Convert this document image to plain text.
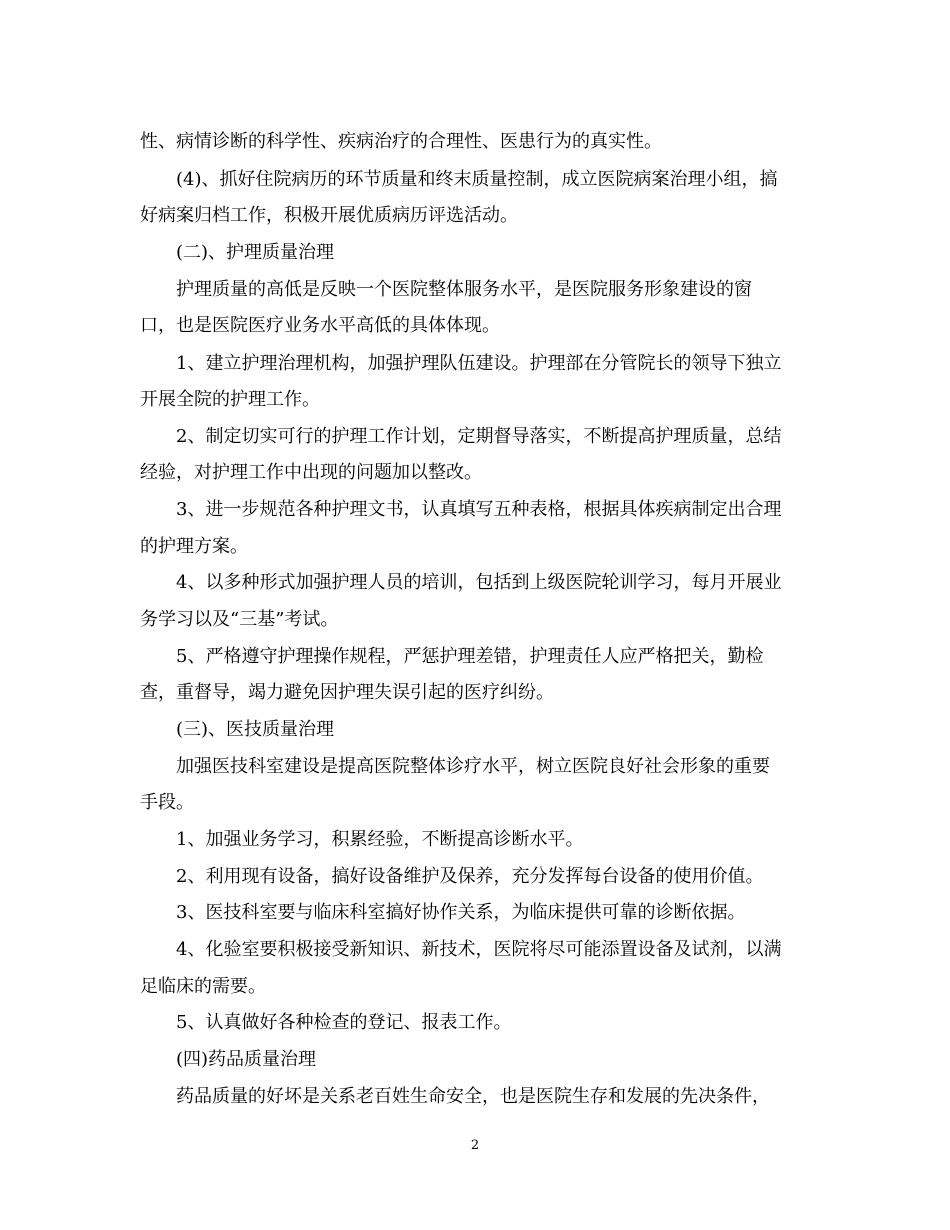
性、病情诊断的科学性、疾病治疗的合理性、医患行为的真实性。
(4)、抓好住院病历的环节质量和终末质量控制，成立医院病案治理小组，搞
好病案归档工作，积极开展优质病历评选活动。
(二)、护理质量治理
护理质量的高低是反映一个医院整体服务水平，是医院服务形象建设的窗
口，也是医院医疗业务水平高低的具体体现。
1、建立护理治理机构，加强护理队伍建设。护理部在分管院长的领导下独立
开展全院的护理工作。
2、制定切实可行的护理工作计划，定期督导落实，不断提高护理质量，总结
经验，对护理工作中出现的问题加以整改。
3、进一步规范各种护理文书，认真填写五种表格，根据具体疾病制定出合理
的护理方案。
4、以多种形式加强护理人员的培训，包括到上级医院轮训学习，每月开展业
务学习以及“三基”考试。
5、严格遵守护理操作规程，严惩护理差错，护理责任人应严格把关，勤检
查，重督导，竭力避免因护理失误引起的医疗纠纷。
(三)、医技质量治理
加强医技科室建设是提高医院整体诊疗水平，树立医院良好社会形象的重要
手段。
1、加强业务学习，积累经验，不断提高诊断水平。
2、利用现有设备，搞好设备维护及保养，充分发挥每台设备的使用价值。
3、医技科室要与临床科室搞好协作关系，为临床提供可靠的诊断依据。
4、化验室要积极接受新知识、新技术，医院将尽可能添置设备及试剂，以满
足临床的需要。
5、认真做好各种检查的登记、报表工作。
(四)药品质量治理
药品质量的好坏是关系老百姓生命安全，也是医院生存和发展的先决条件，
2
